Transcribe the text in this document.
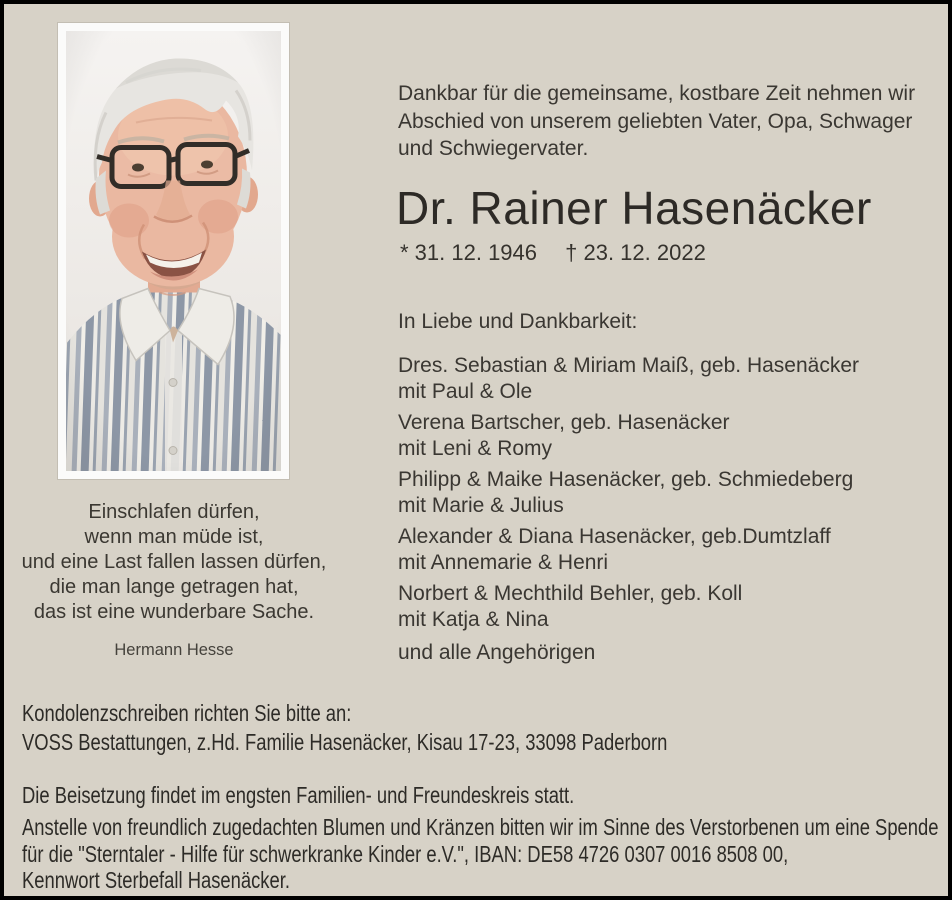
Einschlafen dürfen,
wenn man müde ist,
und eine Last fallen lassen dürfen,
die man lange getragen hat,
das ist eine wunderbare Sache.
Hermann Hesse
Dankbar für die gemeinsame, kostbare Zeit nehmen wir
Abschied von unserem geliebten Vater, Opa, Schwager
und Schwiegervater.
Dr. Rainer Hasenäcker
* 31. 12. 1946 † 23. 12. 2022
In Liebe und Dankbarkeit:
Dres. Sebastian & Miriam Maiß, geb. Hasenäcker
mit Paul & Ole
Verena Bartscher, geb. Hasenäcker
mit Leni & Romy
Philipp & Maike Hasenäcker, geb. Schmiedeberg
mit Marie & Julius
Alexander & Diana Hasenäcker, geb.Dumtzlaff
mit Annemarie & Henri
Norbert & Mechthild Behler, geb. Koll
mit Katja & Nina
und alle Angehörigen
Kondolenzschreiben richten Sie bitte an:
VOSS Bestattungen, z.Hd. Familie Hasenäcker, Kisau 17-23, 33098 Paderborn
Die Beisetzung findet im engsten Familien- und Freundeskreis statt.
Anstelle von freundlich zugedachten Blumen und Kränzen bitten wir im Sinne des Verstorbenen um eine Spende
für die "Sterntaler - Hilfe für schwerkranke Kinder e.V.", IBAN: DE58 4726 0307 0016 8508 00,
Kennwort Sterbefall Hasenäcker.
